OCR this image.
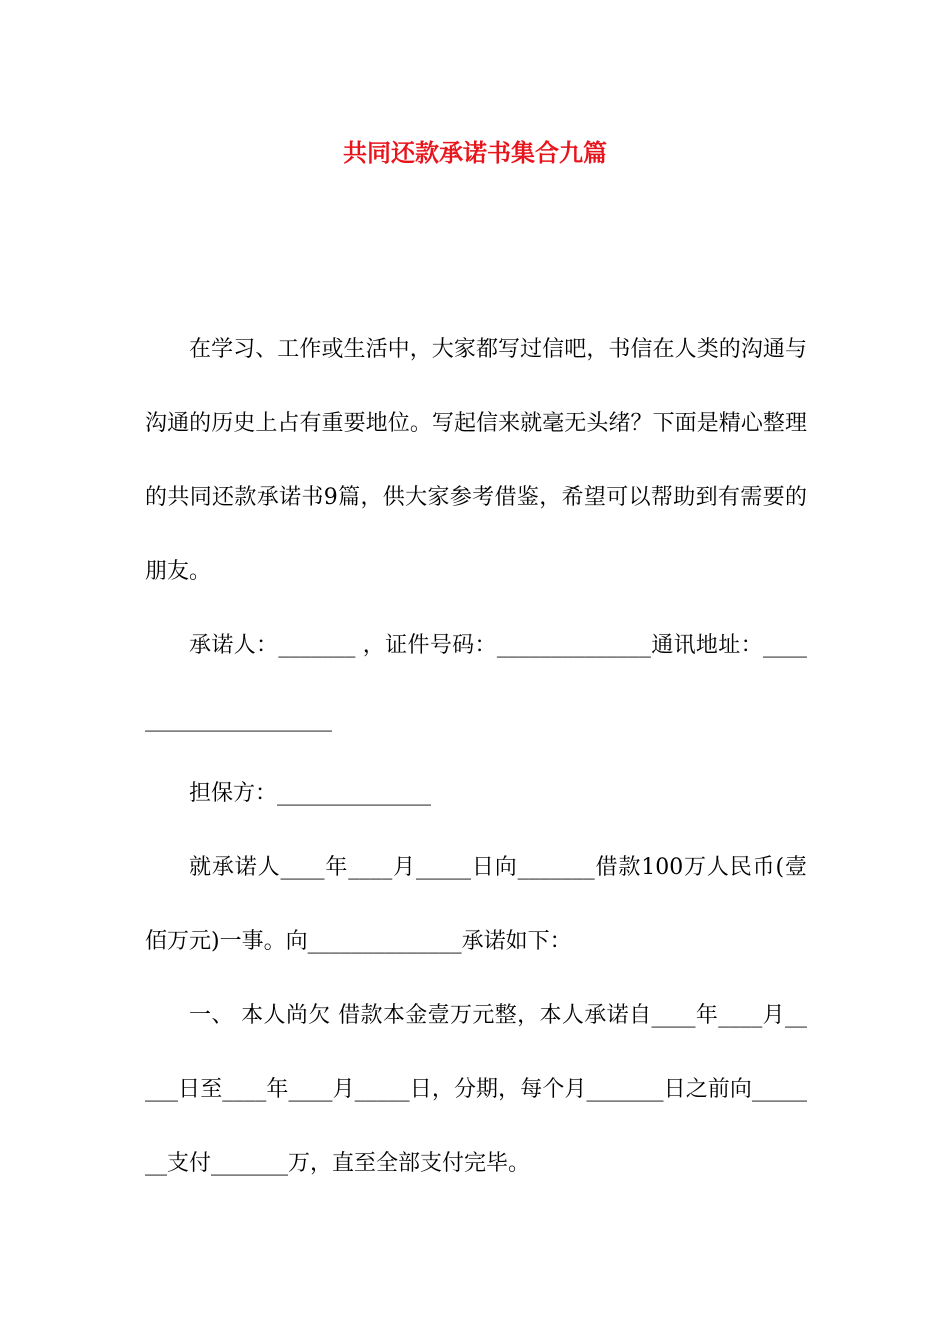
共同还款承诺书集合九篇

在学习、工作或生活中，大家都写过信吧，书信在人类的沟通与沟通的历史上占有重要地位。写起信来就毫无头绪？下面是精心整理的共同还款承诺书9篇，供大家参考借鉴，希望可以帮助到有需要的朋友。

承诺人：_______ ，证件号码：______________通讯地址：_____________________

担保方：______________

就承诺人____年____月_____日向_______借款100万人民币(壹佰万元)一事。向______________承诺如下：

一、 本人尚欠 借款本金壹万元整，本人承诺自____年____月_____日至____年____月_____日，分期，每个月_______日之前向_______支付_______万，直至全部支付完毕。
